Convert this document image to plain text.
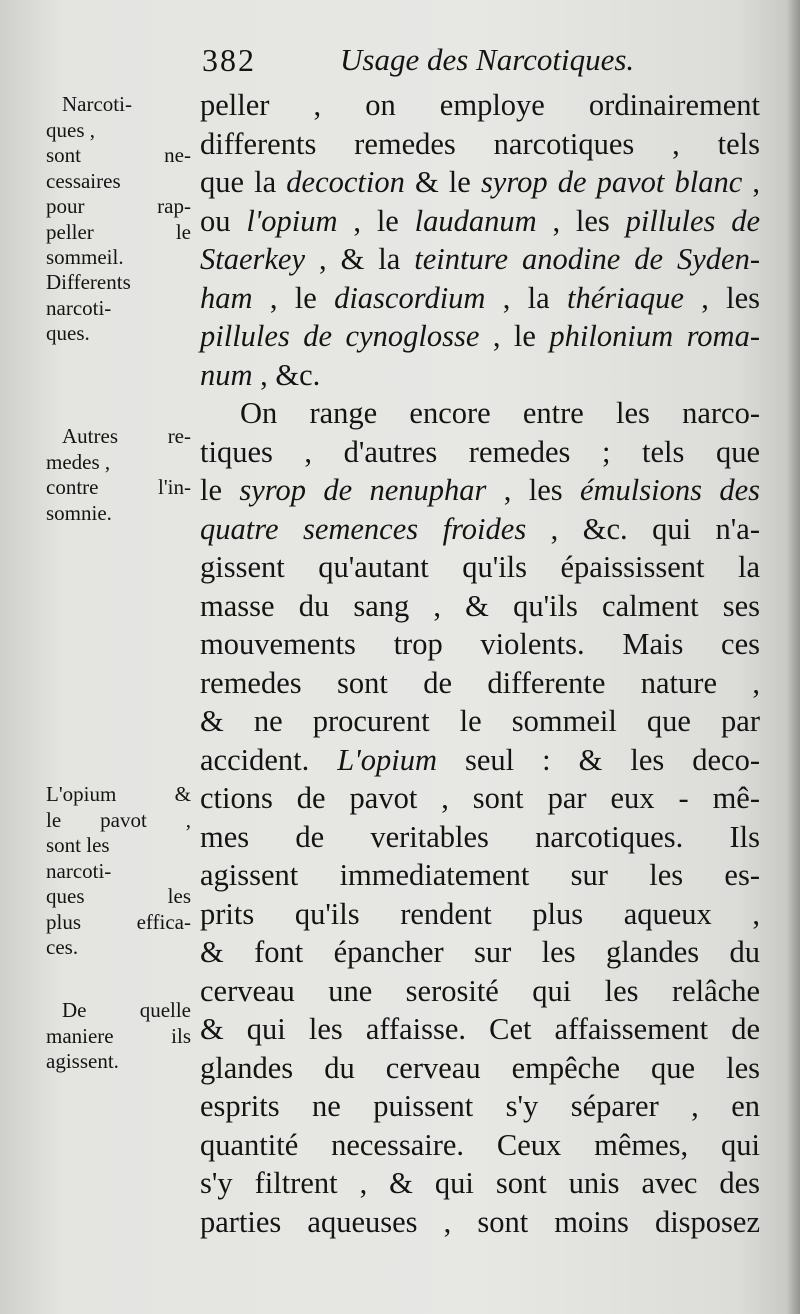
382	Usage des Narcotiques.
Narcoti-
ques ,
sont ne-
cessaires
pour rap-
peller le
sommeil.
Differents
narcoti-
ques.
Autres re-
medes ,
contre l'in-
somnie.
L'opium &
le pavot ,
sont les
narcoti-
ques les
plus effica-
ces.
De quelle
maniere ils
agissent.
peller , on employe ordinairement
differents remedes narcotiques , tels
que la decoction & le syrop de pavot blanc ,
ou l'opium , le laudanum , les pillules de
Staerkey , & la teinture anodine de Syden-
ham , le diascordium , la thériaque , les
pillules de cynoglosse , le philonium roma-
num , &c.
On range encore entre les narco-
tiques , d'autres remedes ; tels que
le syrop de nenuphar , les émulsions des
quatre semences froides , &c. qui n'a-
gissent qu'autant qu'ils épaississent la
masse du sang , & qu'ils calment ses
mouvements trop violents. Mais ces
remedes sont de differente nature ,
& ne procurent le sommeil que par
accident. L'opium seul : & les deco-
ctions de pavot , sont par eux - mê-
mes de veritables narcotiques. Ils
agissent immediatement sur les es-
prits qu'ils rendent plus aqueux ,
& font épancher sur les glandes du
cerveau une serosité qui les relâche
& qui les affaisse. Cet affaissement de
glandes du cerveau empêche que les
esprits ne puissent s'y séparer , en
quantité necessaire. Ceux mêmes, qui
s'y filtrent , & qui sont unis avec des
parties aqueuses , sont moins disposez
